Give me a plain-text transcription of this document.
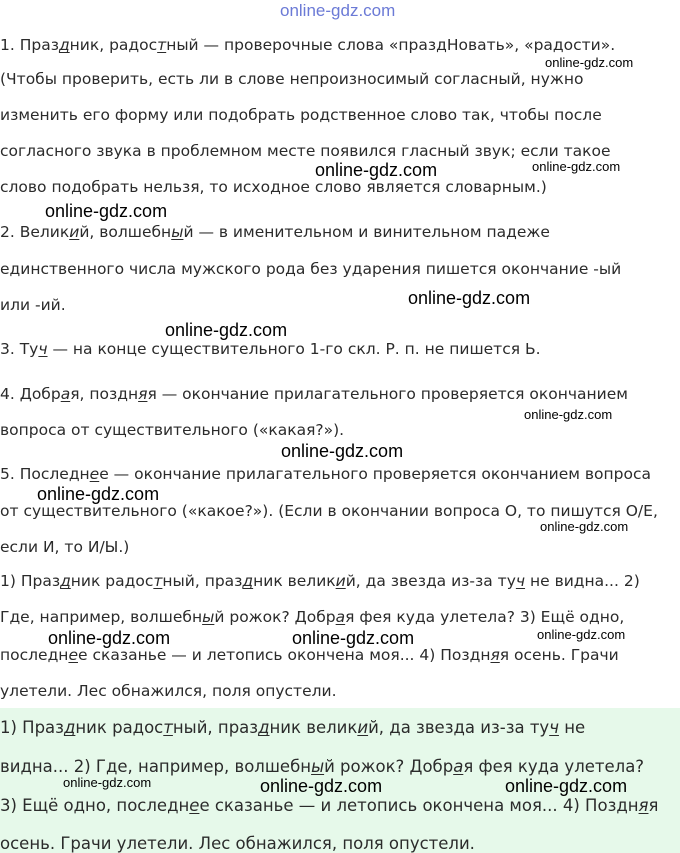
1. Праздник, радостный — проверочные слова «праздНовать», «радости».
(Чтобы проверить, есть ли в слове непроизносимый согласный, нужно
изменить его форму или подобрать родственное слово так, чтобы после
согласного звука в проблемном месте появился гласный звук; если такое
слово подобрать нельзя, то исходное слово является словарным.)
2. Великий, волшебный — в именительном и винительном падеже
единственного числа мужского рода без ударения пишется окончание -ый
или -ий.
3. Туч — на конце существительного 1-го скл. Р. п. не пишется Ь.
4. Добрая, поздняя — окончание прилагательного проверяется окончанием
вопроса от существительного («какая?»).
5. Последнее — окончание прилагательного проверяется окончанием вопроса
от существительного («какое?»). (Если в окончании вопроса О, то пишутся О/Е,
если И, то И/Ы.)
1) Праздник радостный, праздник великий, да звезда из-за туч не видна... 2)
Где, например, волшебный рожок? Добрая фея куда улетела? 3) Ещё одно,
последнее сказанье — и летопись окончена моя... 4) Поздняя осень. Грачи
улетели. Лес обнажился, поля опустели.
1) Праздник радостный, праздник великий, да звезда из-за туч не
видна... 2) Где, например, волшебный рожок? Добрая фея куда улетела?
3) Ещё одно, последнее сказанье — и летопись окончена моя... 4) Поздняя
осень. Грачи улетели. Лес обнажился, поля опустели.
online-gdz.com
online-gdz.com
online-gdz.com	online-gdz.com
online-gdz.com
online-gdz.com
online-gdz.com
online-gdz.com
online-gdz.com
online-gdz.com
online-gdz.com
online-gdz.com	online-gdz.com	online-gdz.com
online-gdz.com	online-gdz.com	online-gdz.com
